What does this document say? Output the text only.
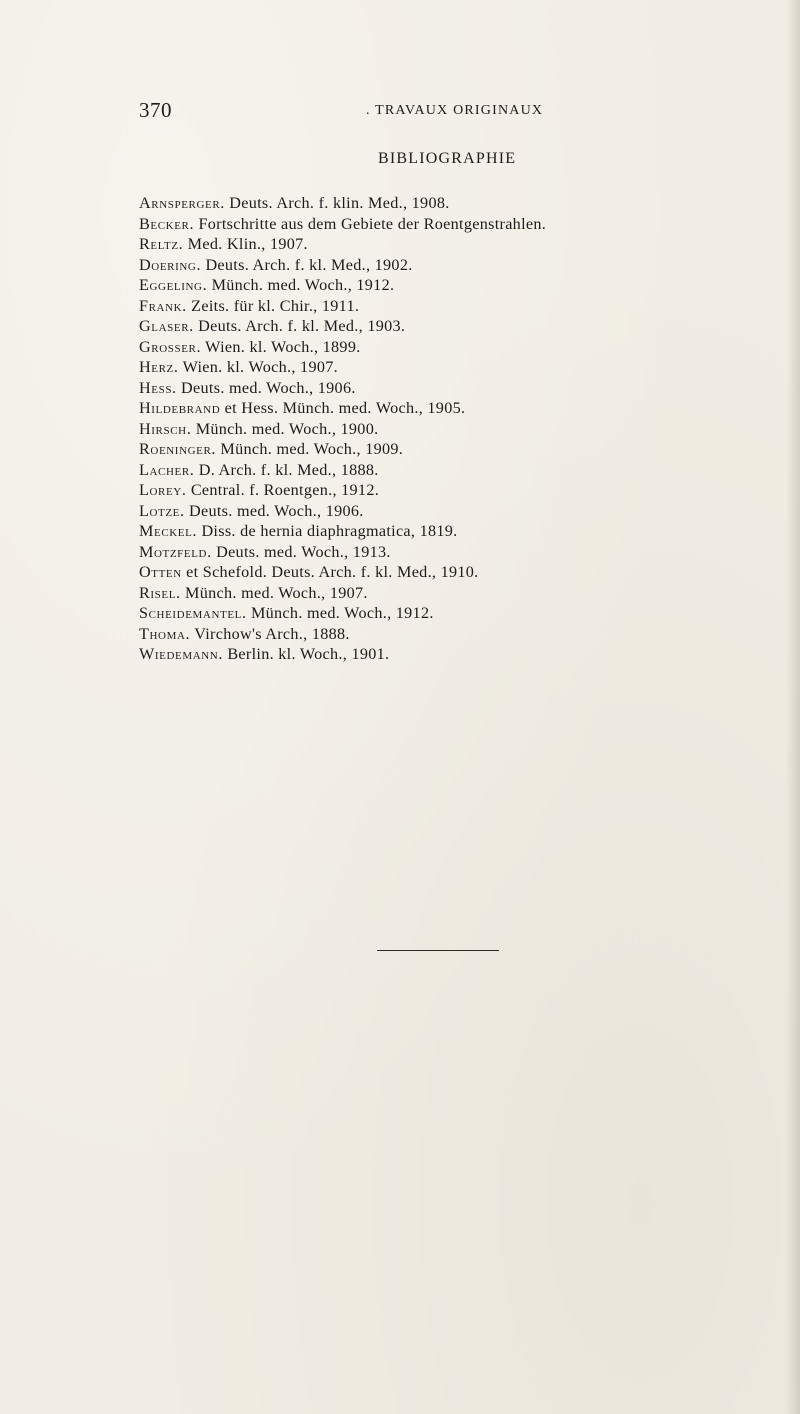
370	. TRAVAUX ORIGINAUX
BIBLIOGRAPHIE
Arnsperger. Deuts. Arch. f. klin. Med., 1908.
Becker. Fortschritte aus dem Gebiete der Roentgenstrahlen.
Reltz. Med. Klin., 1907.
Doering. Deuts. Arch. f. kl. Med., 1902.
Eggeling. Münch. med. Woch., 1912.
Frank. Zeits. für kl. Chir., 1911.
Glaser. Deuts. Arch. f. kl. Med., 1903.
Grosser. Wien. kl. Woch., 1899.
Herz. Wien. kl. Woch., 1907.
Hess. Deuts. med. Woch., 1906.
Hildebrand et Hess. Münch. med. Woch., 1905.
Hirsch. Münch. med. Woch., 1900.
Roeninger. Münch. med. Woch., 1909.
Lacher. D. Arch. f. kl. Med., 1888.
Lorey. Central. f. Roentgen., 1912.
Lotze. Deuts. med. Woch., 1906.
Meckel. Diss. de hernia diaphragmatica, 1819.
Motzfeld. Deuts. med. Woch., 1913.
Otten et Schefold. Deuts. Arch. f. kl. Med., 1910.
Risel. Münch. med. Woch., 1907.
Scheidemantel. Münch. med. Woch., 1912.
Thoma. Virchow's Arch., 1888.
Wiedemann. Berlin. kl. Woch., 1901.
